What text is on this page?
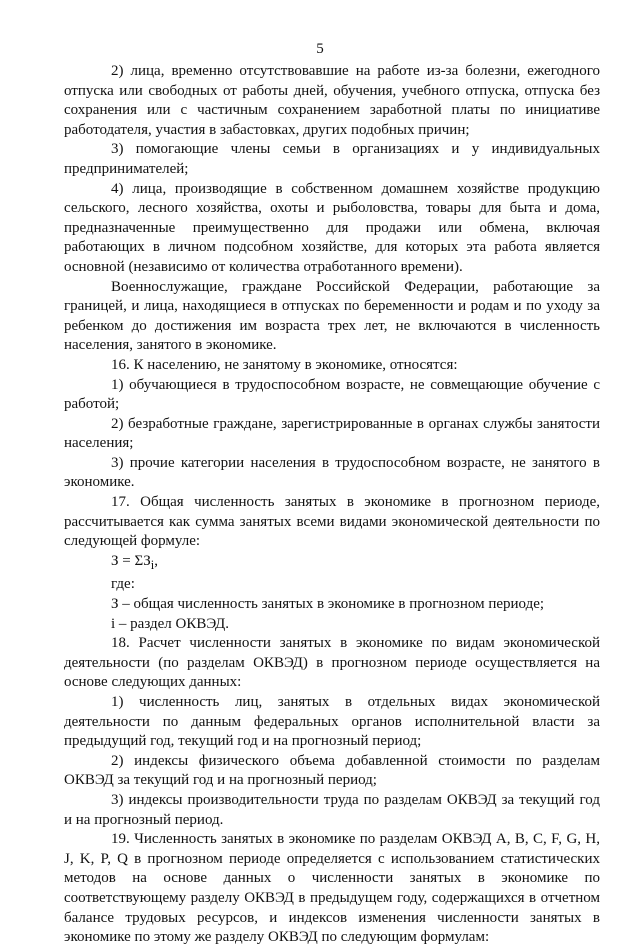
5

2) лица, временно отсутствовавшие на работе из-за болезни, ежегодного отпуска или свободных от работы дней, обучения, учебного отпуска, отпуска без сохранения или с частичным сохранением заработной платы по инициативе работодателя, участия в забастовках, других подобных причин;

3) помогающие члены семьи в организациях и у индивидуальных предпринимателей;

4) лица, производящие в собственном домашнем хозяйстве продукцию сельского, лесного хозяйства, охоты и рыболовства, товары для быта и дома, предназначенные преимущественно для продажи или обмена, включая работающих в личном подсобном хозяйстве, для которых эта работа является основной (независимо от количества отработанного времени).

Военнослужащие, граждане Российской Федерации, работающие за границей, и лица, находящиеся в отпусках по беременности и родам и по уходу за ребенком до достижения им возраста трех лет, не включаются в численность населения, занятого в экономике.

16. К населению, не занятому в экономике, относятся:

1) обучающиеся в трудоспособном возрасте, не совмещающие обучение с работой;

2) безработные граждане, зарегистрированные в органах службы занятости населения;

3) прочие категории населения в трудоспособном возрасте, не занятого в экономике.

17. Общая численность занятых в экономике в прогнозном периоде, рассчитывается как сумма занятых всеми видами экономической деятельности по следующей формуле:

$З = \Sigma З_i$,

где:

З – общая численность занятых в экономике в прогнозном периоде;

i – раздел ОКВЭД.

18. Расчет численности занятых в экономике по видам экономической деятельности (по разделам ОКВЭД) в прогнозном периоде осуществляется на основе следующих данных:

1) численность лиц, занятых в отдельных видах экономической деятельности по данным федеральных органов исполнительной власти за предыдущий год, текущий год и на прогнозный период;

2) индексы физического объема добавленной стоимости по разделам ОКВЭД за текущий год и на прогнозный период;

3) индексы производительности труда по разделам ОКВЭД за текущий год и на прогнозный период.

19. Численность занятых в экономике по разделам ОКВЭД A, B, C, F, G, H, J, K, P, Q в прогнозном периоде определяется с использованием статистических методов на основе данных о численности занятых в экономике по соответствующему разделу ОКВЭД в предыдущем году, содержащихся в отчетном балансе трудовых ресурсов, и индексов изменения численности занятых в экономике по этому же разделу ОКВЭД по следующим формулам:
